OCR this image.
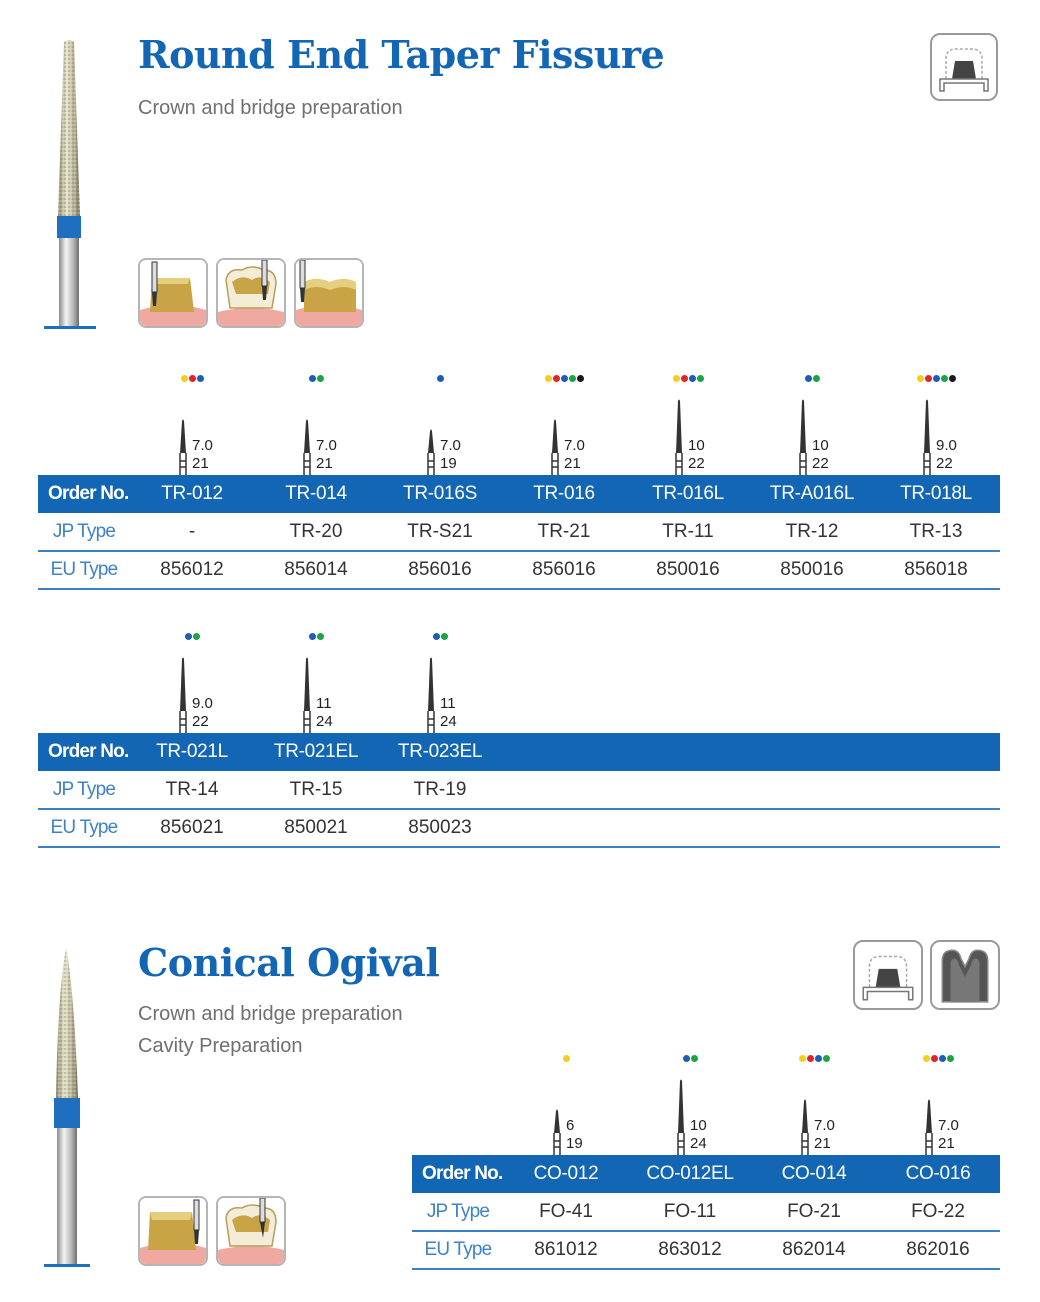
Round End Taper Fissure

Crown and bridge preparation

7.0
21
7.0
21
7.0
19
7.0
21
10
22
10
22
9.0
22
Order No.	TR-012	TR-014	TR-016S	TR-016	TR-016L	TR-A016L	TR-018L
JP Type	-	TR-20	TR-S21	TR-21	TR-11	TR-12	TR-13
EU Type	856012	856014	856016	856016	850016	850016	856018
9.0
22
11
24
11
24
Order No.	TR-021L	TR-021EL	TR-023EL
JP Type	TR-14	TR-15	TR-19
EU Type	856021	850021	850023
Conical Ogival

Crown and bridge preparation

Cavity Preparation

6
19
10
24
7.0
21
7.0
21
Order No.	CO-012	CO-012EL	CO-014	CO-016
JP Type	FO-41	FO-11	FO-21	FO-22
EU Type	861012	863012	862014	862016
